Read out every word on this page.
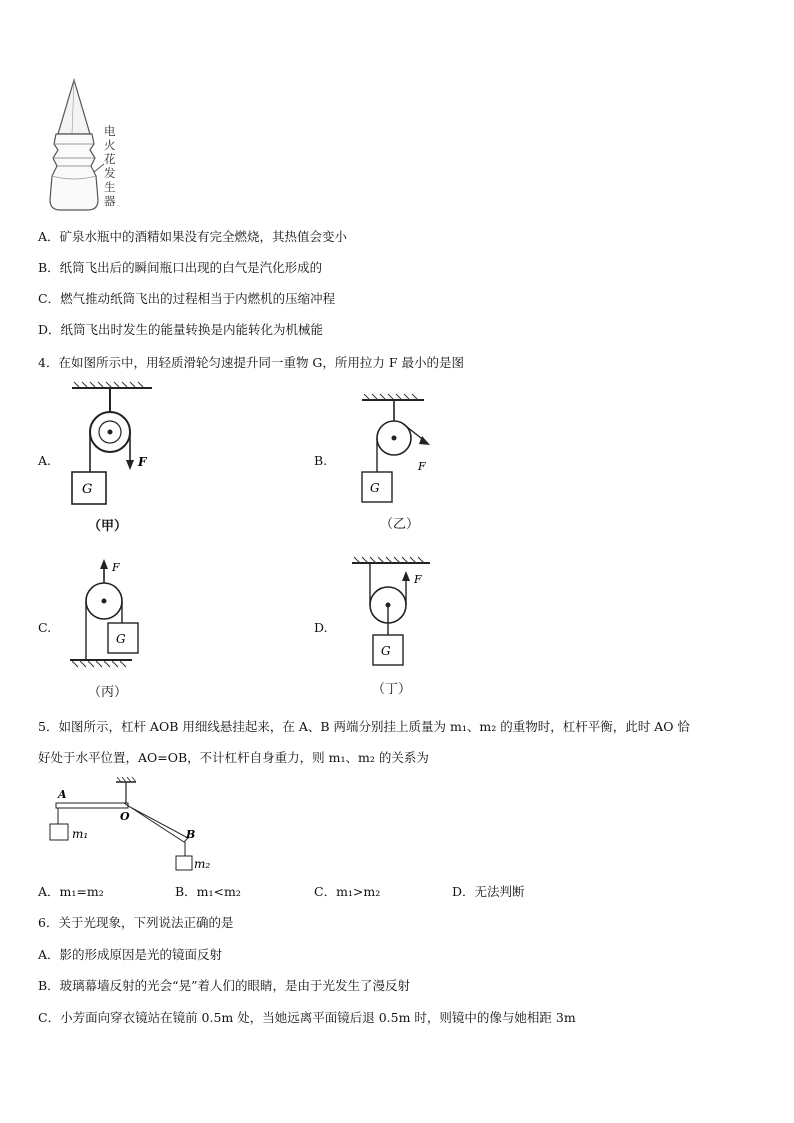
电
火
花
发
生
器
A．矿泉水瓶中的酒精如果没有完全燃烧，其热值会变小
B．纸筒飞出后的瞬间瓶口出现的白气是汽化形成的
C．燃气推动纸筒飞出的过程相当于内燃机的压缩冲程
D．纸筒飞出时发生的能量转换是内能转化为机械能
4．在如图所示中，用轻质滑轮匀速提升同一重物 G，所用拉力 F 最小的是图
A.	F
G
（甲）
B.	F
G
（乙）
C.
F
G
（丙）
D.
F
G
（丁）
5．如图所示，杠杆 AOB 用细线悬挂起来，在 A、B 两端分别挂上质量为 m₁、m₂ 的重物时，杠杆平衡，此时 AO 恰
好处于水平位置，AO=OB，不计杠杆自身重力，则 m₁、m₂ 的关系为
A
O
B
m₁
m₂
A．m₁=m₂	B．m₁<m₂	C．m₁>m₂	D．无法判断
6．关于光现象，下列说法正确的是
A．影的形成原因是光的镜面反射
B．玻璃幕墙反射的光会“晃”着人们的眼睛，是由于光发生了漫反射
C．小芳面向穿衣镜站在镜前 0.5m 处，当她远离平面镜后退 0.5m 时，则镜中的像与她相距 3m
